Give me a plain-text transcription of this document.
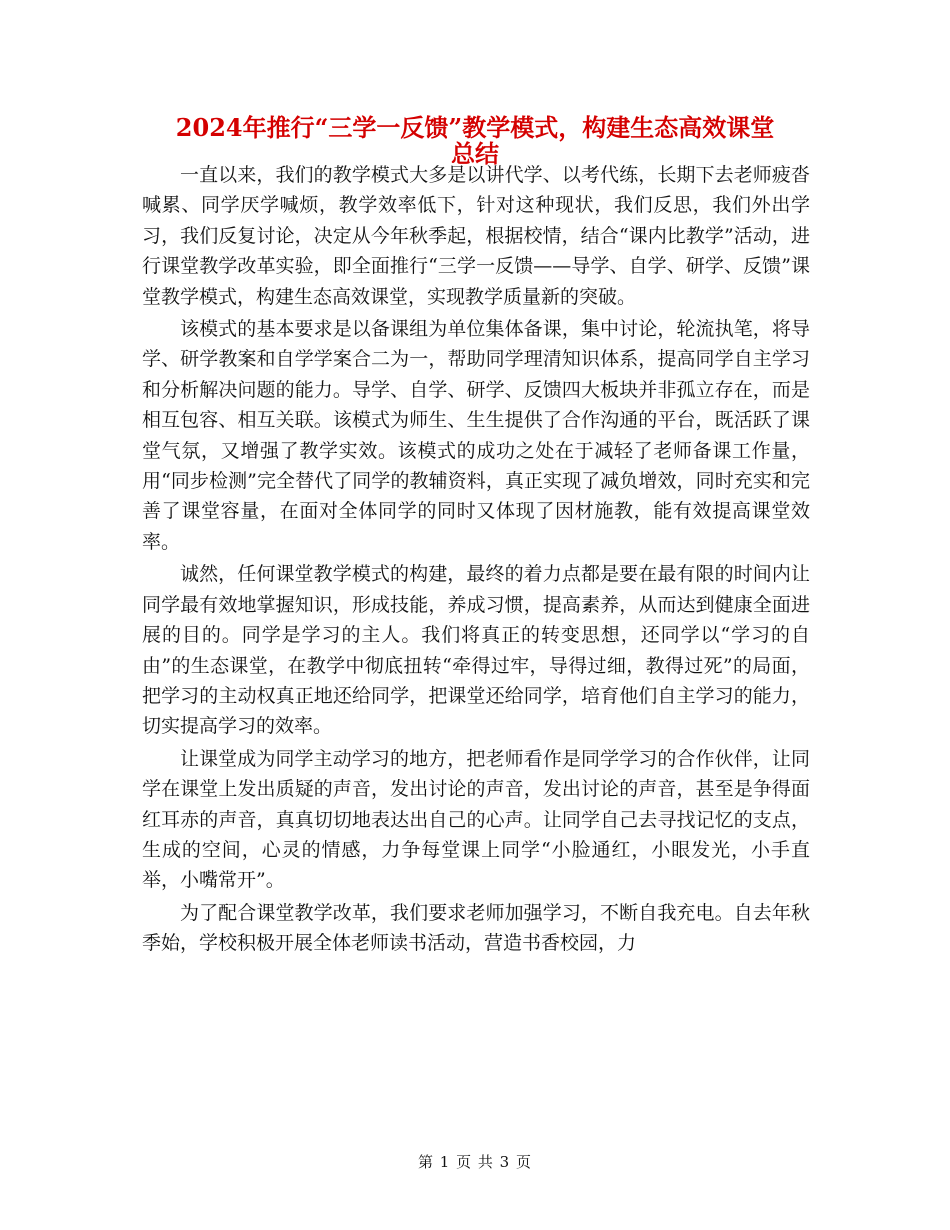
2024年推行“三学一反馈”教学模式，构建生态高效课堂
总结

一直以来，我们的教学模式大多是以讲代学、以考代练，长期下去老师疲沓喊累、同学厌学喊烦，教学效率低下，针对这种现状，我们反思，我们外出学习，我们反复讨论，决定从今年秋季起，根据校情，结合“课内比教学”活动，进行课堂教学改革实验，即全面推行“三学一反馈——导学、自学、研学、反馈”课堂教学模式，构建生态高效课堂，实现教学质量新的突破。

该模式的基本要求是以备课组为单位集体备课，集中讨论，轮流执笔，将导学、研学教案和自学学案合二为一，帮助同学理清知识体系，提高同学自主学习和分析解决问题的能力。导学、自学、研学、反馈四大板块并非孤立存在，而是相互包容、相互关联。该模式为师生、生生提供了合作沟通的平台，既活跃了课堂气氛，又增强了教学实效。该模式的成功之处在于减轻了老师备课工作量，用“同步检测”完全替代了同学的教辅资料，真正实现了减负增效，同时充实和完善了课堂容量，在面对全体同学的同时又体现了因材施教，能有效提高课堂效率。

诚然，任何课堂教学模式的构建，最终的着力点都是要在最有限的时间内让同学最有效地掌握知识，形成技能，养成习惯，提高素养，从而达到健康全面进展的目的。同学是学习的主人。我们将真正的转变思想，还同学以“学习的自由”的生态课堂，在教学中彻底扭转“牵得过牢，导得过细，教得过死”的局面，把学习的主动权真正地还给同学，把课堂还给同学，培育他们自主学习的能力，切实提高学习的效率。

让课堂成为同学主动学习的地方，把老师看作是同学学习的合作伙伴，让同学在课堂上发出质疑的声音，发出讨论的声音，发出讨论的声音，甚至是争得面红耳赤的声音，真真切切地表达出自己的心声。让同学自己去寻找记忆的支点，生成的空间，心灵的情感，力争每堂课上同学“小脸通红，小眼发光，小手直举，小嘴常开”。

为了配合课堂教学改革，我们要求老师加强学习，不断自我充电。自去年秋季始，学校积极开展全体老师读书活动，营造书香校园，力

第 1 页 共 3 页
